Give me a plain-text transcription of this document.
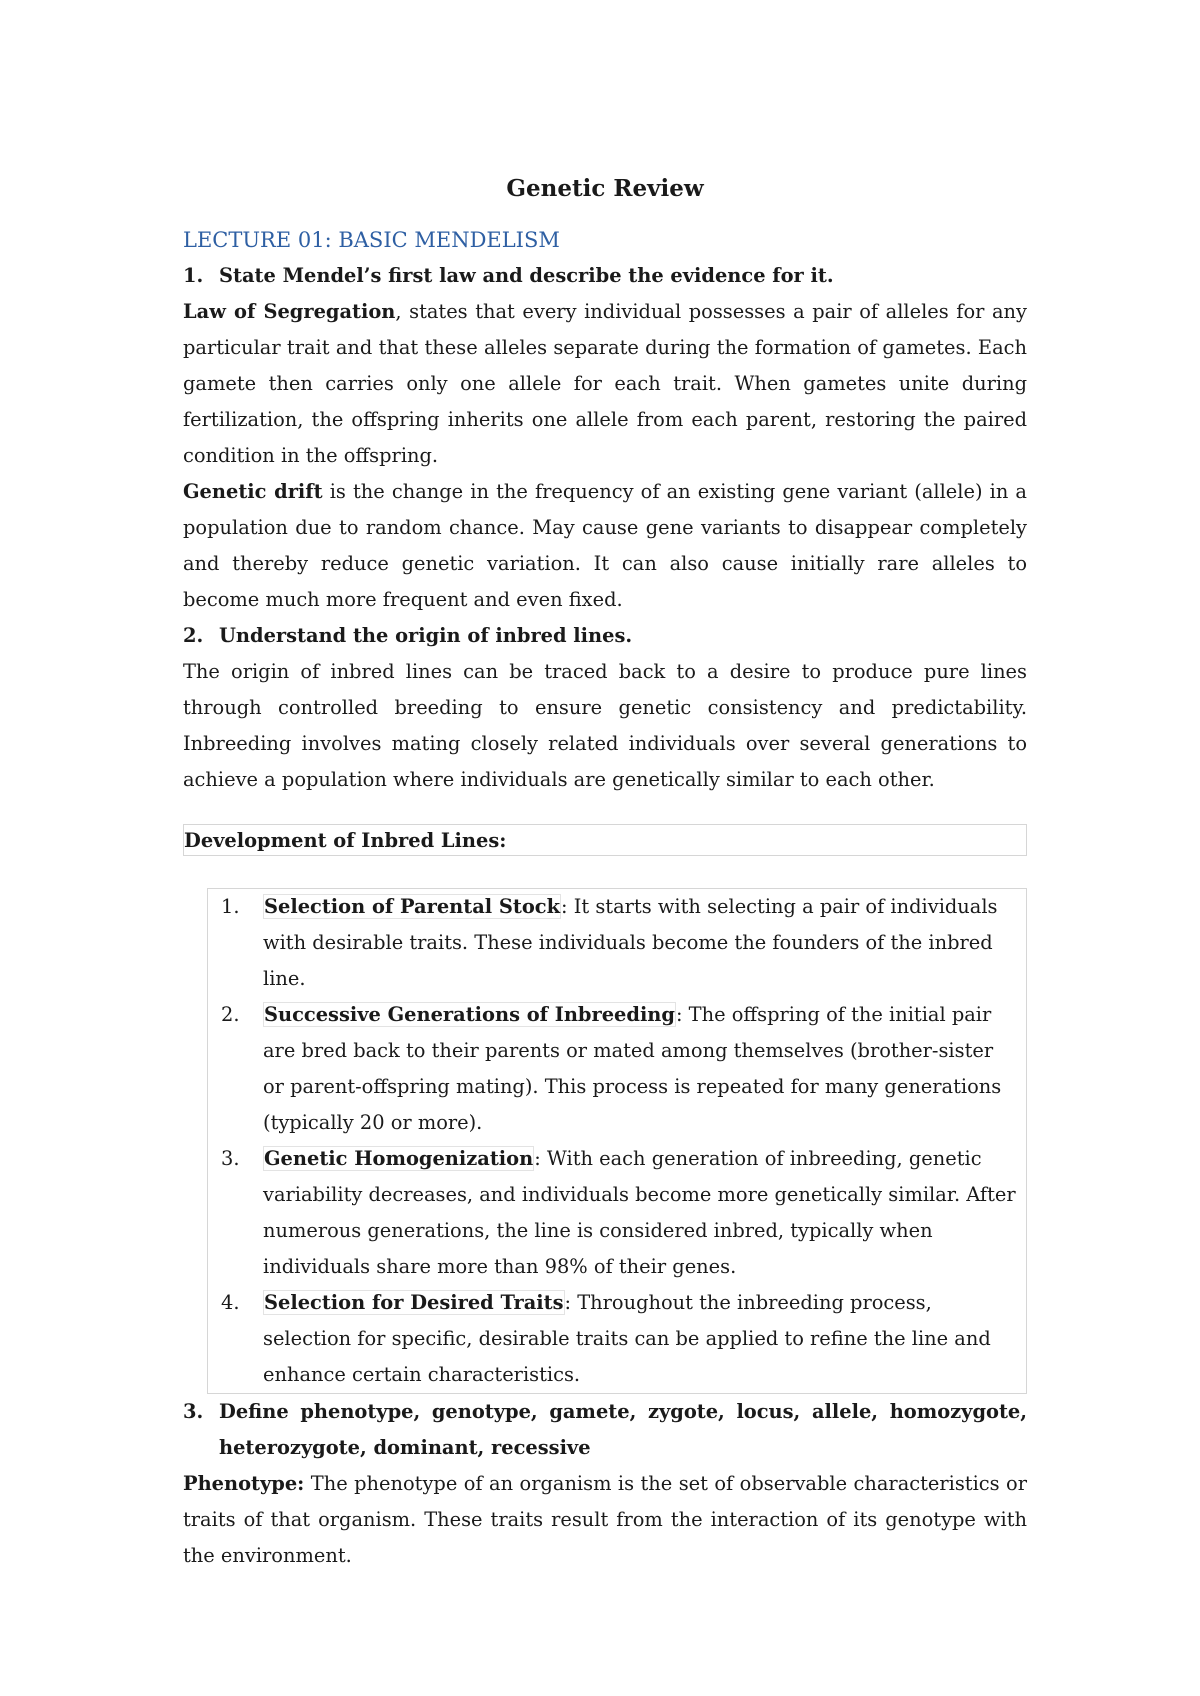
Genetic Review
LECTURE 01: BASIC MENDELISM
1. State Mendel’s first law and describe the evidence for it.

Law of Segregation, states that every individual possesses a pair of alleles for any particular trait and that these alleles separate during the formation of gametes. Each gamete then carries only one allele for each trait. When gametes unite during fertilization, the offspring inherits one allele from each parent, restoring the paired condition in the offspring.

Genetic drift is the change in the frequency of an existing gene variant (allele) in a population due to random chance. May cause gene variants to disappear completely and thereby reduce genetic variation. It can also cause initially rare alleles to become much more frequent and even fixed.

2. Understand the origin of inbred lines.

The origin of inbred lines can be traced back to a desire to produce pure lines through controlled breeding to ensure genetic consistency and predictability. Inbreeding involves mating closely related individuals over several generations to achieve a population where individuals are genetically similar to each other.

Development of Inbred Lines:
1.	Selection of Parental Stock: It starts with selecting a pair of individuals with desirable traits. These individuals become the founders of the inbred line.
2.	Successive Generations of Inbreeding: The offspring of the initial pair are bred back to their parents or mated among themselves (brother-sister or parent-offspring mating). This process is repeated for many generations (typically 20 or more).
3.	Genetic Homogenization: With each generation of inbreeding, genetic variability decreases, and individuals become more genetically similar. After numerous generations, the line is considered inbred, typically when individuals share more than 98% of their genes.
4.	Selection for Desired Traits: Throughout the inbreeding process, selection for specific, desirable traits can be applied to refine the line and enhance certain characteristics.
3. Define phenotype, genotype, gamete, zygote, locus, allele, homozygote, heterozygote, dominant, recessive

Phenotype: The phenotype of an organism is the set of observable characteristics or traits of that organism. These traits result from the interaction of its genotype with the environment.
